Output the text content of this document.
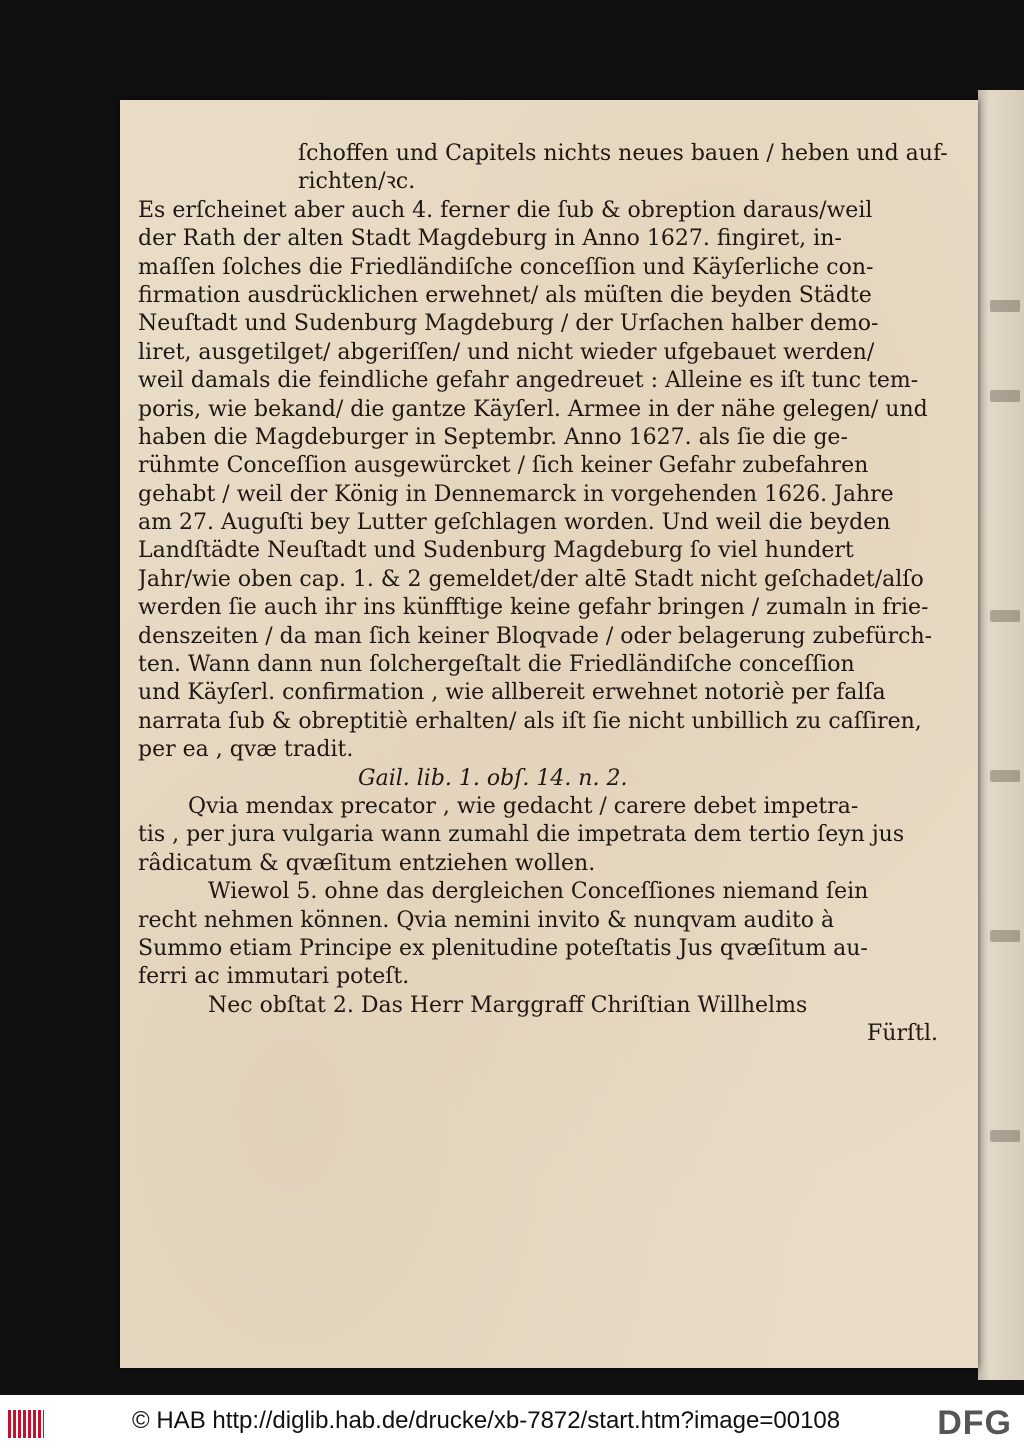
ſchoffen und Capitels nichts neues bauen / heben und auf-
richten/ꝛc.
Es erſcheinet aber auch 4. ferner die ſub & obreption daraus/weil
der Rath der alten Stadt Magdeburg in Anno 1627. fingiret, in-
maſſen ſolches die Friedländiſche conceſſion und Käyſerliche con-
firmation ausdrücklichen erwehnet/ als müſten die beyden Städte
Neuſtadt und Sudenburg Magdeburg / der Urſachen halber demo-
liret, ausgetilget/ abgeriſſen/ und nicht wieder ufgebauet werden/
weil damals die feindliche gefahr angedreuet : Alleine es iſt tunc tem-
poris, wie bekand/ die gantze Käyſerl. Armee in der nähe gelegen/ und
haben die Magdeburger in Septembr. Anno 1627. als ſie die ge-
rühmte Conceſſion ausgewürcket / ſich keiner Gefahr zubefahren
gehabt / weil der König in Dennemarck in vorgehenden 1626. Jahre
am 27. Auguſti bey Lutter geſchlagen worden. Und weil die beyden
Landſtädte Neuſtadt und Sudenburg Magdeburg ſo viel hundert
Jahr/wie oben cap. 1. & 2 gemeldet/der altē Stadt nicht geſchadet/alſo
werden ſie auch ihr ins künfftige keine gefahr bringen / zumaln in frie-
denszeiten / da man ſich keiner Bloqvade / oder belagerung zubefürch-
ten. Wann dann nun ſolchergeſtalt die Friedländiſche conceſſion
und Käyſerl. confirmation , wie allbereit erwehnet notoriè per falſa
narrata ſub & obreptitiè erhalten/ als iſt ſie nicht unbillich zu caſſiren,
per ea , qvæ tradit.
Gail. lib. 1. obſ. 14. n. 2.
Qvia mendax precator , wie gedacht / carere debet impetra-
tis , per jura vulgaria wann zumahl die impetrata dem tertio ſeyn jus
râdicatum & qvæſitum entziehen wollen.
Wiewol 5. ohne das dergleichen Conceſſiones niemand ſein
recht nehmen können. Qvia nemini invito & nunqvam audito à
Summo etiam Principe ex plenitudine poteſtatis Jus qvæſitum au-
ferri ac immutari poteſt.
Nec obſtat 2. Das Herr Marggraff Chriſtian Willhelms
Fürſtl.
© HAB http://diglib.hab.de/drucke/xb-7872/start.htm?image=00108	DFG
